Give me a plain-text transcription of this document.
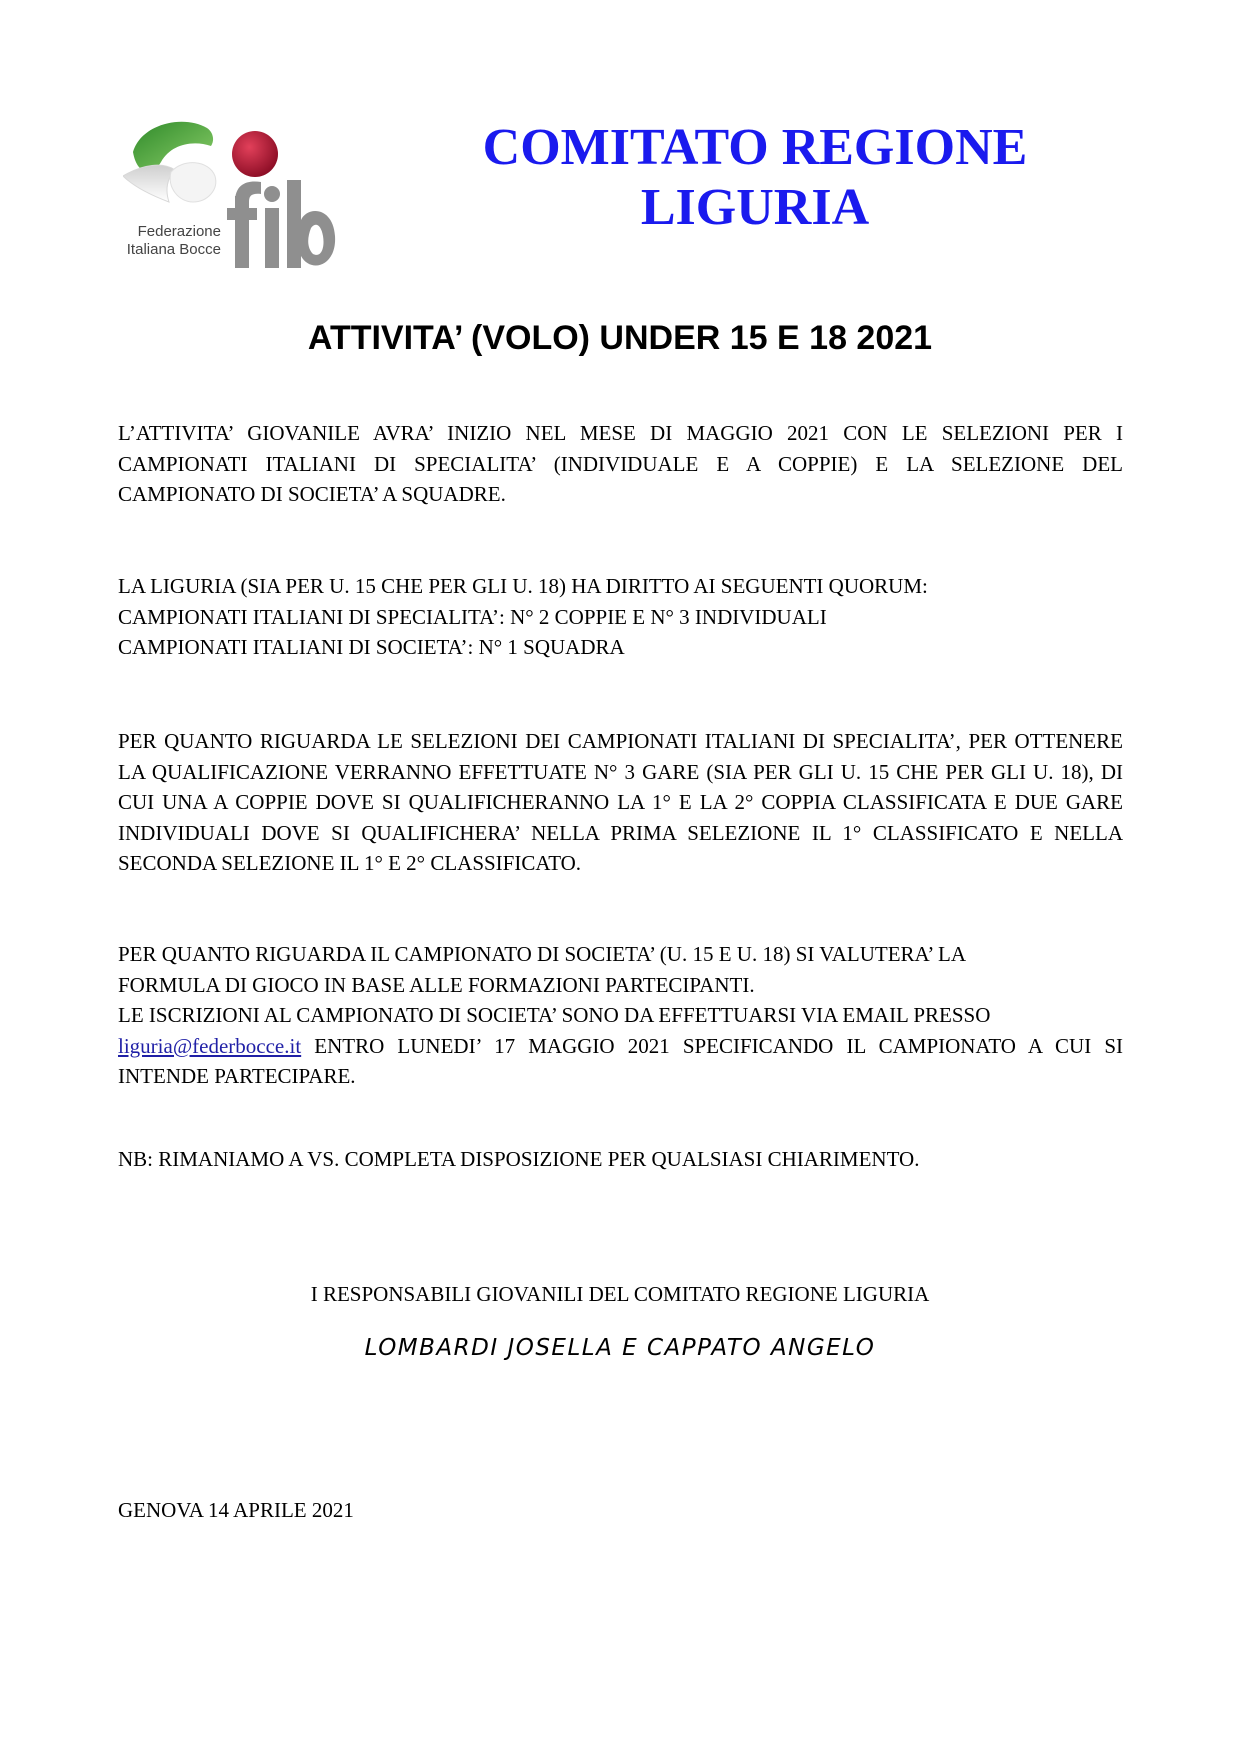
Federazione
Italiana Bocce
COMITATO REGIONE
LIGURIA
ATTIVITA’ (VOLO) UNDER 15 E 18 2021
L’ATTIVITA’ GIOVANILE AVRA’ INIZIO NEL MESE DI MAGGIO 2021 CON LE SELEZIONI PER I CAMPIONATI ITALIANI DI SPECIALITA’ (INDIVIDUALE E A COPPIE) E LA SELEZIONE DEL CAMPIONATO DI SOCIETA’ A SQUADRE.
LA LIGURIA (SIA PER U. 15 CHE PER GLI U. 18) HA DIRITTO AI SEGUENTI QUORUM:
CAMPIONATI ITALIANI DI SPECIALITA’: N° 2 COPPIE E N° 3 INDIVIDUALI
CAMPIONATI ITALIANI DI SOCIETA’: N° 1 SQUADRA
PER QUANTO RIGUARDA LE SELEZIONI DEI CAMPIONATI ITALIANI DI SPECIALITA’, PER OTTENERE LA QUALIFICAZIONE VERRANNO EFFETTUATE N° 3 GARE (SIA PER GLI U. 15 CHE PER GLI U. 18), DI CUI UNA A COPPIE DOVE SI QUALIFICHERANNO LA 1° E LA 2° COPPIA CLASSIFICATA E DUE GARE INDIVIDUALI DOVE SI QUALIFICHERA’ NELLA PRIMA SELEZIONE IL 1° CLASSIFICATO E NELLA SECONDA SELEZIONE IL 1° E 2° CLASSIFICATO.
PER QUANTO RIGUARDA IL CAMPIONATO DI SOCIETA’ (U. 15 E U. 18) SI VALUTERA’ LA
FORMULA DI GIOCO IN BASE ALLE FORMAZIONI PARTECIPANTI.
LE ISCRIZIONI AL CAMPIONATO DI SOCIETA’ SONO DA EFFETTUARSI VIA EMAIL PRESSO
liguria@federbocce.it ENTRO LUNEDI’ 17 MAGGIO 2021 SPECIFICANDO IL CAMPIONATO A CUI SI
INTENDE PARTECIPARE.
NB: RIMANIAMO A VS. COMPLETA DISPOSIZIONE PER QUALSIASI CHIARIMENTO.
I RESPONSABILI GIOVANILI DEL COMITATO REGIONE LIGURIA
LOMBARDI JOSELLA E CAPPATO ANGELO
GENOVA 14 APRILE 2021
